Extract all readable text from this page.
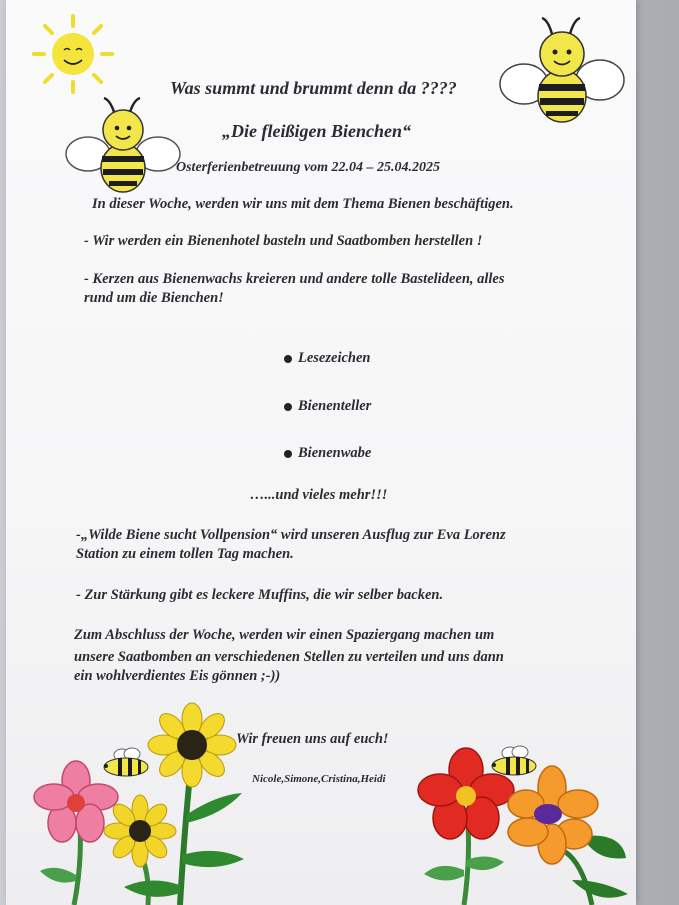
Was summt und brummt denn da ????
„Die fleißigen Bienchen“
Osterferienbetreuung vom 22.04 – 25.04.2025
In dieser Woche, werden wir uns mit dem Thema Bienen beschäftigen.
- Wir werden ein Bienenhotel basteln und Saatbomben herstellen !
- Kerzen aus Bienenwachs kreieren und andere tolle Bastelideen, alles
rund um die Bienchen!
Lesezeichen
Bienenteller
Bienenwabe
…...und vieles mehr!!!
-„Wilde Biene sucht Vollpension“ wird unseren Ausflug zur Eva Lorenz
Station zu einem tollen Tag machen.
- Zur Stärkung gibt es leckere Muffins, die wir selber backen.
Zum Abschluss der Woche, werden wir einen Spaziergang machen um
unsere Saatbomben an verschiedenen Stellen zu verteilen und uns dann
ein wohlverdientes Eis gönnen ;-))
Wir freuen uns auf euch!
Nicole,Simone,Cristina,Heidi
